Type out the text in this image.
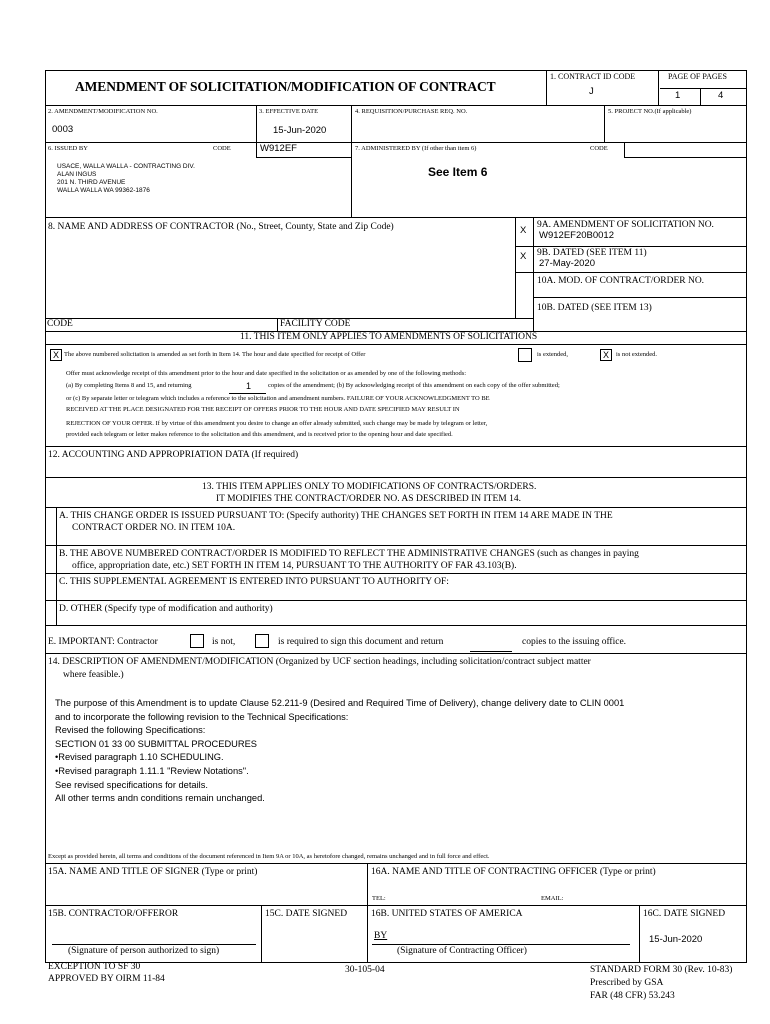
AMENDMENT OF SOLICITATION/MODIFICATION OF CONTRACT
1. CONTRACT ID CODE
J
PAGE OF PAGES
1	4
2. AMENDMENT/MODIFICATION NO.
0003
3. EFFECTIVE DATE
15-Jun-2020
4. REQUISITION/PURCHASE REQ. NO.	5. PROJECT NO.(If applicable)
6. ISSUED BY	CODE	W912EF	7. ADMINISTERED BY (If other than item 6)	CODE
USACE, WALLA WALLA - CONTRACTING DIV.
ALAN INGUS
201 N. THIRD AVENUE
WALLA WALLA WA 99362-1876
See Item 6
8. NAME AND ADDRESS OF CONTRACTOR (No., Street, County, State and Zip Code)	X 9A. AMENDMENT OF SOLICITATION NO.
W912EF20B0012
X 9B. DATED (SEE ITEM 11)
27-May-2020
10A. MOD. OF CONTRACT/ORDER NO.
10B. DATED (SEE ITEM 13)
CODE	FACILITY CODE
11. THIS ITEM ONLY APPLIES TO AMENDMENTS OF SOLICITATIONS
X The above numbered solicitation is amended as set forth in Item 14. The hour and date specified for receipt of Offer	is extended,	X	is not extended.
Offer must acknowledge receipt of this amendment prior to the hour and date specified in the solicitation or as amended by one of the following methods:
(a) By completing Items 8 and 15, and returning	1	copies of the amendment; (b) By acknowledging receipt of this amendment on each copy of the offer submitted;
or (c) By separate letter or telegram which includes a reference to the solicitation and amendment numbers. FAILURE OF YOUR ACKNOWLEDGMENT TO BE
RECEIVED AT THE PLACE DESIGNATED FOR THE RECEIPT OF OFFERS PRIOR TO THE HOUR AND DATE SPECIFIED MAY RESULT IN
REJECTION OF YOUR OFFER. If by virtue of this amendment you desire to change an offer already submitted, such change may be made by telegram or letter,
provided each telegram or letter makes reference to the solicitation and this amendment, and is received prior to the opening hour and date specified.
12. ACCOUNTING AND APPROPRIATION DATA (If required)
13. THIS ITEM APPLIES ONLY TO MODIFICATIONS OF CONTRACTS/ORDERS.
IT MODIFIES THE CONTRACT/ORDER NO. AS DESCRIBED IN ITEM 14.
A. THIS CHANGE ORDER IS ISSUED PURSUANT TO: (Specify authority) THE CHANGES SET FORTH IN ITEM 14 ARE MADE IN THE
CONTRACT ORDER NO. IN ITEM 10A.
B. THE ABOVE NUMBERED CONTRACT/ORDER IS MODIFIED TO REFLECT THE ADMINISTRATIVE CHANGES (such as changes in paying
office, appropriation date, etc.) SET FORTH IN ITEM 14, PURSUANT TO THE AUTHORITY OF FAR 43.103(B).
C. THIS SUPPLEMENTAL AGREEMENT IS ENTERED INTO PURSUANT TO AUTHORITY OF:
D. OTHER (Specify type of modification and authority)
E. IMPORTANT: Contractor	is not,	is required to sign this document and return	copies to the issuing office.
14. DESCRIPTION OF AMENDMENT/MODIFICATION (Organized by UCF section headings, including solicitation/contract subject matter
where feasible.)
The purpose of this Amendment is to update Clause 52.211-9 (Desired and Required Time of Delivery), change delivery date to CLIN 0001
and to incorporate the following revision to the Technical Specifications:
Revised the following Specifications:
SECTION 01 33 00 SUBMITTAL PROCEDURES
•Revised paragraph 1.10 SCHEDULING.
•Revised paragraph 1.11.1 "Review Notations".
See revised specifications for details.
All other terms andn conditions remain unchanged.
Except as provided herein, all terms and conditions of the document referenced in Item 9A or 10A, as heretofore changed, remains unchanged and in full force and effect.
15A. NAME AND TITLE OF SIGNER (Type or print)	16A. NAME AND TITLE OF CONTRACTING OFFICER (Type or print)
TEL:	EMAIL:
15B. CONTRACTOR/OFFEROR	15C. DATE SIGNED	16B. UNITED STATES OF AMERICA
BY
16C. DATE SIGNED
15-Jun-2020
(Signature of person authorized to sign)	(Signature of Contracting Officer)
EXCEPTION TO SF 30
APPROVED BY OIRM 11-84
30-105-04	STANDARD FORM 30 (Rev. 10-83)
Prescribed by GSA
FAR (48 CFR) 53.243
